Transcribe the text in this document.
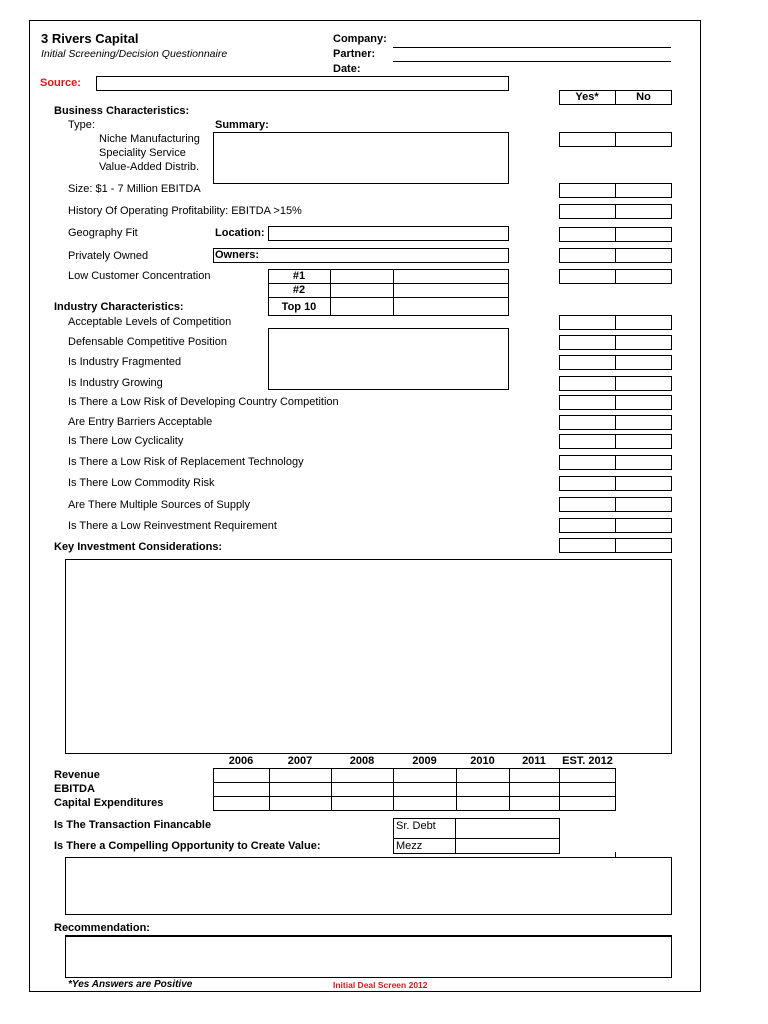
3 Rivers Capital
Initial Screening/Decision Questionnaire
Company:
Partner:
Date:
Source:
Yes*	No
Business Characteristics:
Type:	Summary:
Niche Manufacturing
Speciality Service
Value-Added Distrib.
Size: $1 - 7 Million EBITDA
History Of Operating Profitability: EBITDA >15%
Geography Fit	Location:
Privately Owned	Owners:
Low Customer Concentration	#1
#2
Top 10
Industry Characteristics:
Acceptable Levels of Competition
Defensable Competitive Position
Is Industry Fragmented
Is Industry Growing
Is There a Low Risk of Developing Country Competition
Are Entry Barriers Acceptable
Is There Low Cyclicality
Is There a Low Risk of Replacement Technology
Is There Low Commodity Risk
Are There Multiple Sources of Supply
Is There a Low Reinvestment Requirement
Key Investment Considerations:
2006	2007	2008	2009	2010	2011	EST. 2012
Revenue
EBITDA
Capital Expenditures
Is The Transaction Financable
Is There a Compelling Opportunity to Create Value:
Sr. Debt
Mezz
Recommendation:
*Yes Answers are Positive	Initial Deal Screen 2012
